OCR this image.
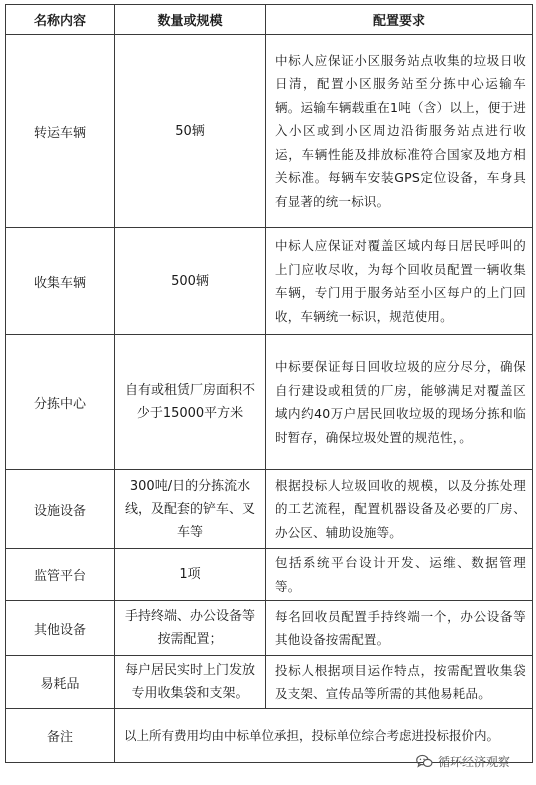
名称内容	数量或规模	配置要求
转运车辆	50辆	中标人应保证小区服务站点收集的垃圾日收日清，配置小区服务站至分拣中心运输车辆。运输车辆载重在1吨（含）以上，便于进入小区或到小区周边沿街服务站点进行收运，车辆性能及排放标准符合国家及地方相关标准。每辆车安装GPS定位设备，车身具有显著的统一标识。
收集车辆	500辆	中标人应保证对覆盖区域内每日居民呼叫的上门应收尽收，为每个回收员配置一辆收集车辆，专门用于服务站至小区每户的上门回收，车辆统一标识，规范使用。
分拣中心	自有或租赁厂房面积不少于15000平方米	中标要保证每日回收垃圾的应分尽分，确保自行建设或租赁的厂房，能够满足对覆盖区域内约40万户居民回收垃圾的现场分拣和临时暂存，确保垃圾处置的规范性，。
设施设备	300吨/日的分拣流水线，及配套的铲车、叉车等	根据投标人垃圾回收的规模，以及分拣处理的工艺流程，配置机器设备及必要的厂房、办公区、辅助设施等。
监管平台	1项	包括系统平台设计开发、运维、数据管理等。
其他设备	手持终端、办公设备等按需配置；	每名回收员配置手持终端一个，办公设备等其他设备按需配置。
易耗品	每户居民实时上门发放专用收集袋和支架。	投标人根据项目运作特点，按需配置收集袋及支架、宣传品等所需的其他易耗品。
备注	以上所有费用均由中标单位承担，投标单位综合考虑进投标报价内。	
循环经济观察
